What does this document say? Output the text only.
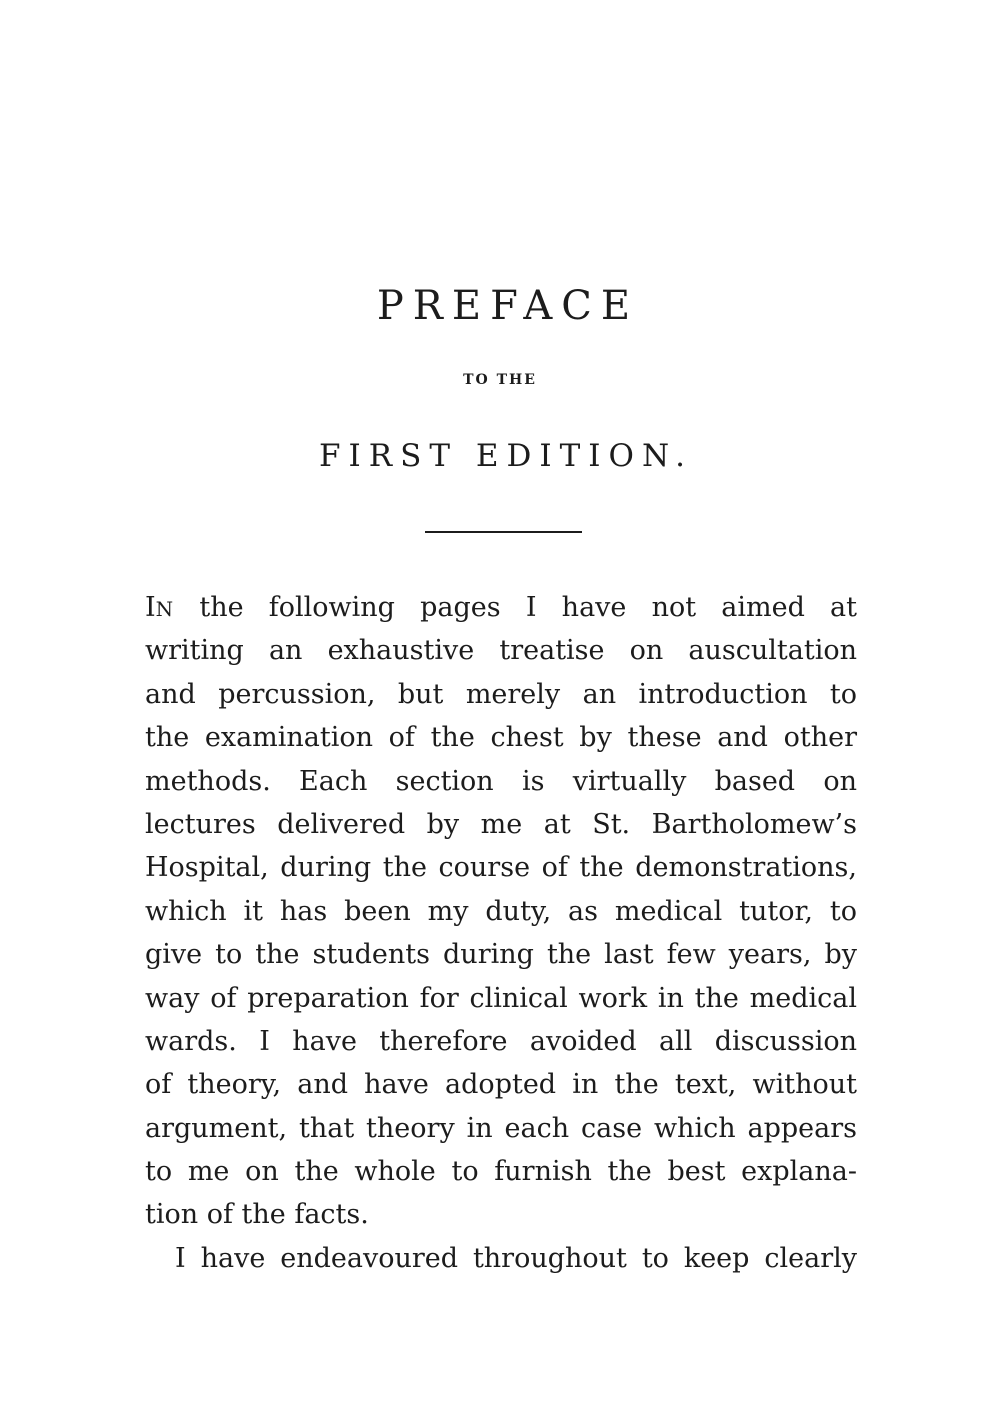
PREFACE
TO THE
FIRST EDITION.
IN the following pages I have not aimed at
writing an exhaustive treatise on auscultation
and percussion, but merely an introduction to
the examination of the chest by these and other
methods. Each section is virtually based on
lectures delivered by me at St. Bartholomew’s
Hospital, during the course of the demonstrations,
which it has been my duty, as medical tutor, to
give to the students during the last few years, by
way of preparation for clinical work in the medical
wards. I have therefore avoided all discussion
of theory, and have adopted in the text, without
argument, that theory in each case which appears
to me on the whole to furnish the best explana-
tion of the facts.
I have endeavoured throughout to keep clearly
